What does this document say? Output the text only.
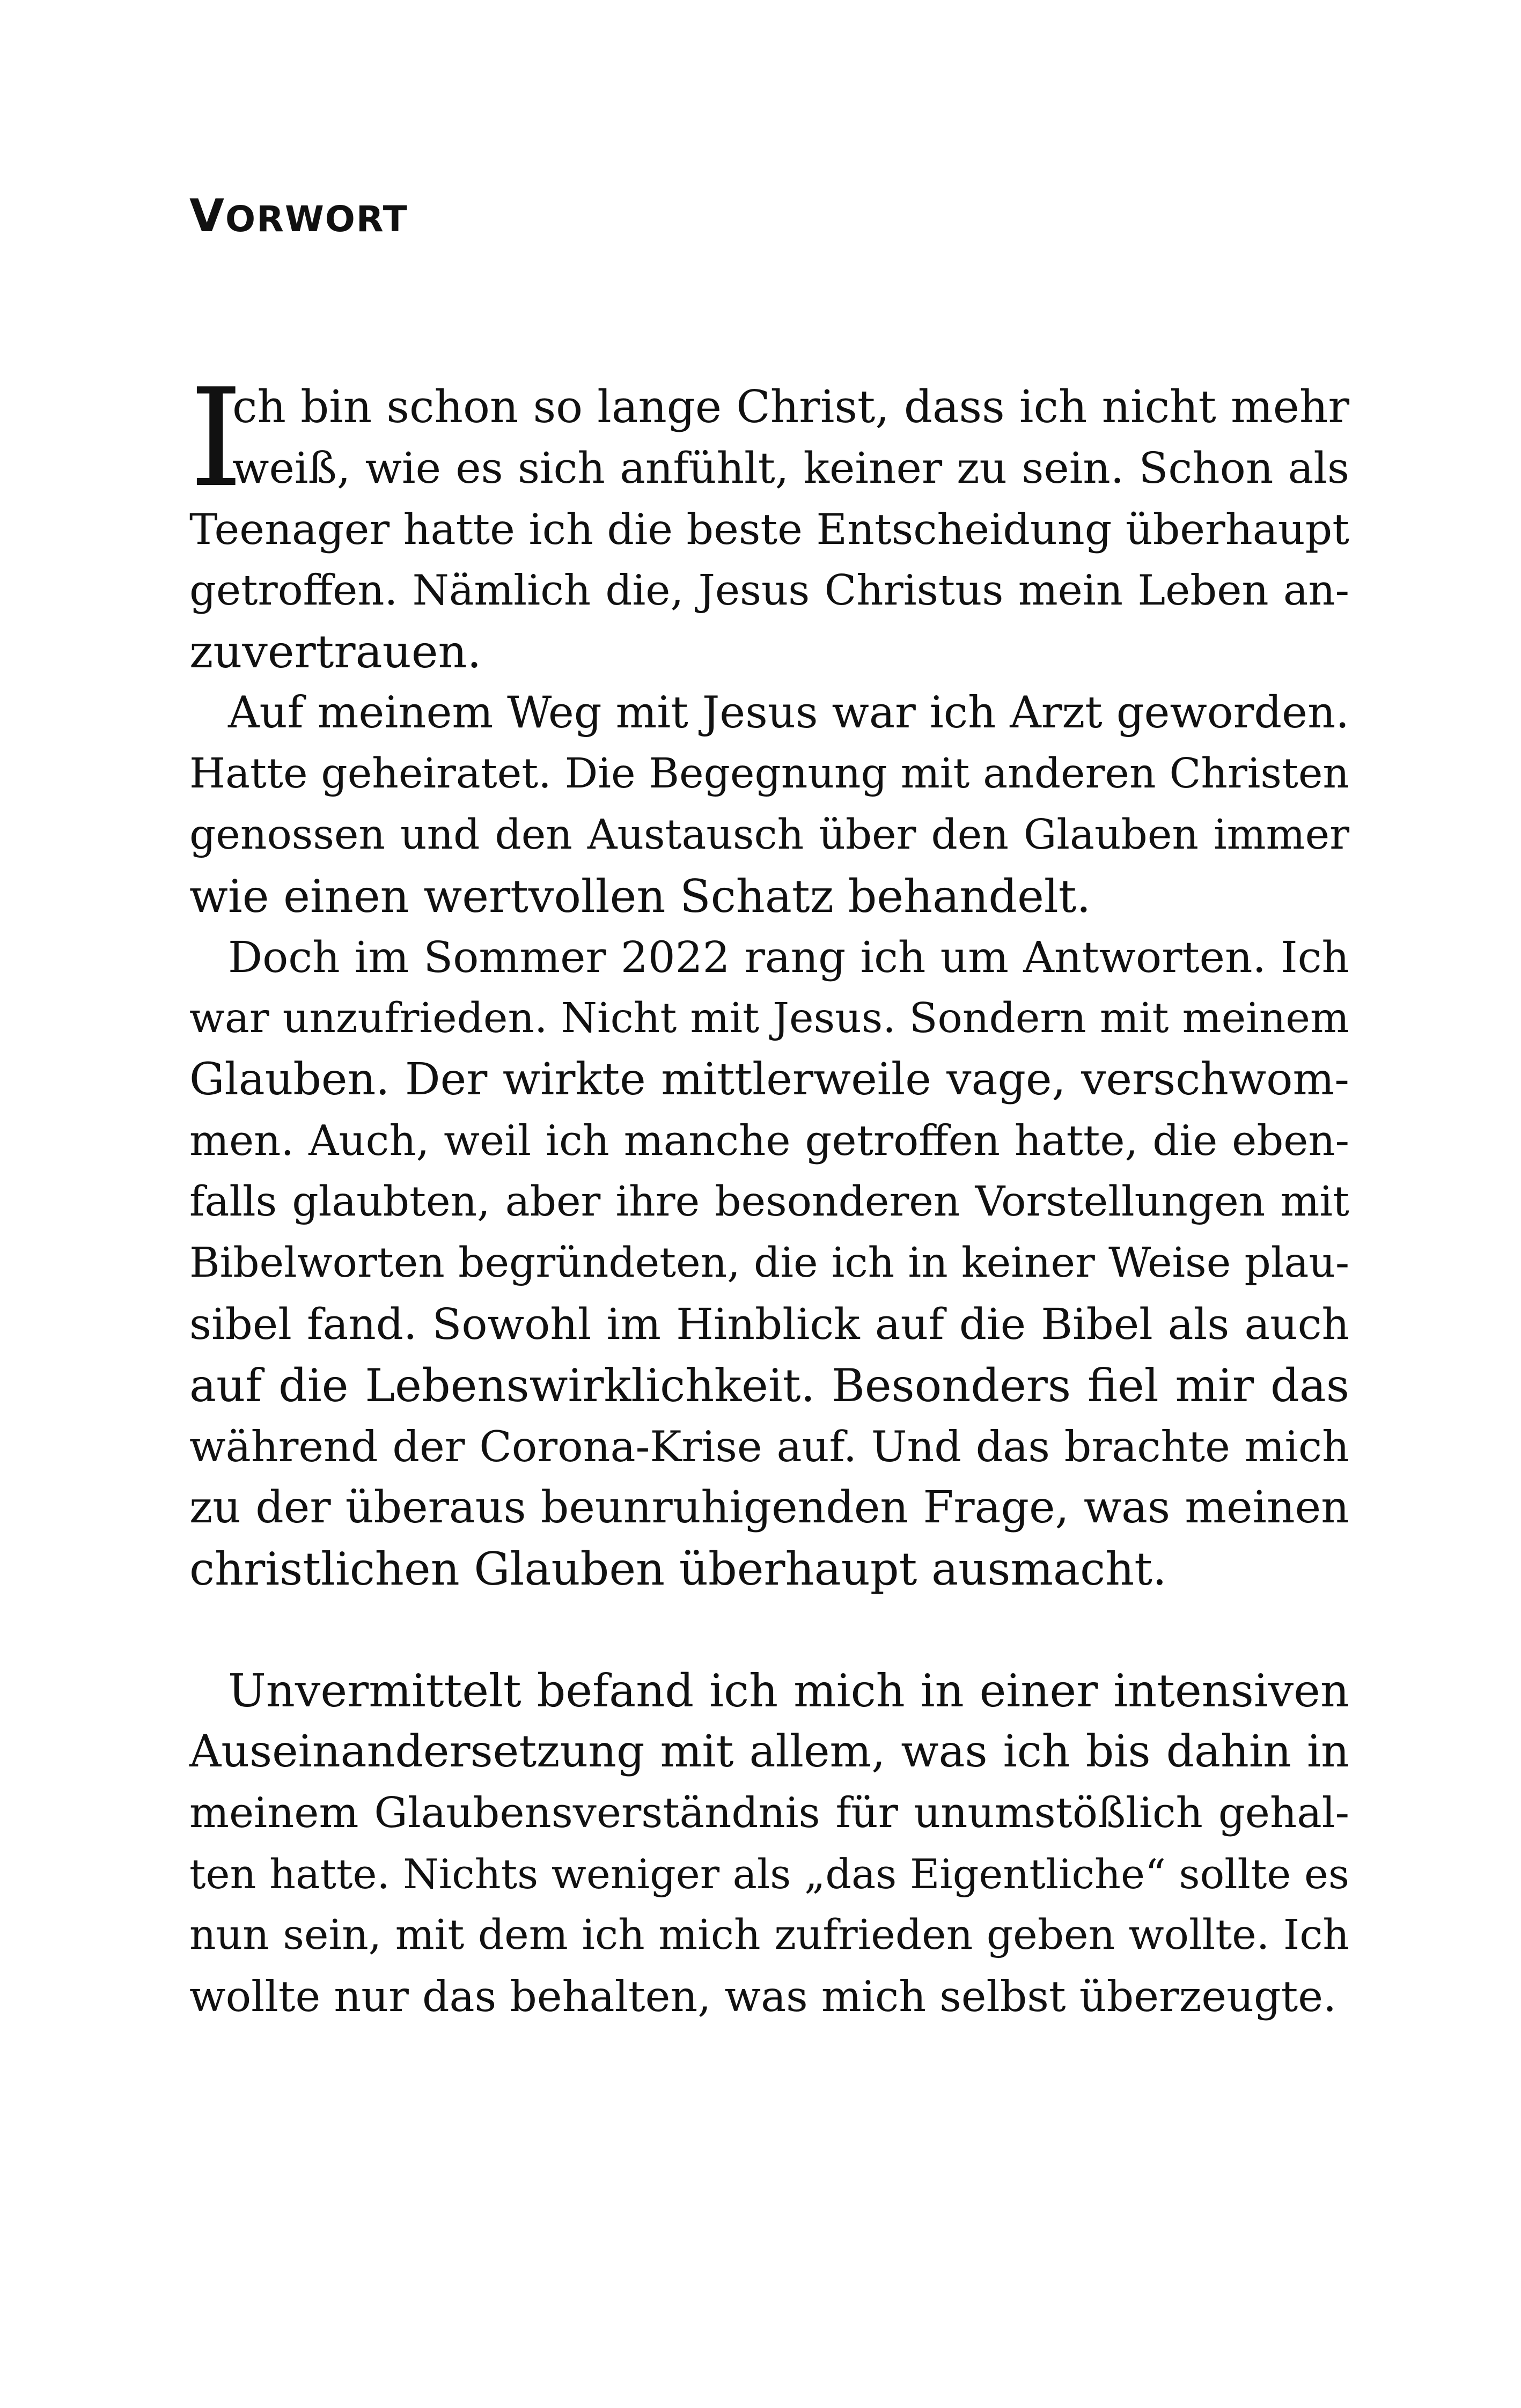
VORWORT
I

ch bin schon so lange Christ, dass ich nicht mehr

weiß, wie es sich anfühlt, keiner zu sein. Schon als

Teenager hatte ich die beste Entscheidung überhaupt

getroffen. Nämlich die, Jesus Christus mein Leben an-

zuvertrauen.

Auf meinem Weg mit Jesus war ich Arzt geworden.

Hatte geheiratet. Die Begegnung mit anderen Christen

genossen und den Austausch über den Glauben immer

wie einen wertvollen Schatz behandelt.

Doch im Sommer 2022 rang ich um Antworten. Ich

war unzufrieden. Nicht mit Jesus. Sondern mit meinem

Glauben. Der wirkte mittlerweile vage, verschwom-

men. Auch, weil ich manche getroffen hatte, die eben-

falls glaubten, aber ihre besonderen Vorstellungen mit

Bibelworten begründeten, die ich in keiner Weise plau-

sibel fand. Sowohl im Hinblick auf die Bibel als auch

auf die Lebenswirklichkeit. Besonders fiel mir das

während der Corona-Krise auf. Und das brachte mich

zu der überaus beunruhigenden Frage, was meinen

christlichen Glauben überhaupt ausmacht.

Unvermittelt befand ich mich in einer intensiven

Auseinandersetzung mit allem, was ich bis dahin in

meinem Glaubensverständnis für unumstößlich gehal-

ten hatte. Nichts weniger als „das Eigentliche“ sollte es

nun sein, mit dem ich mich zufrieden geben wollte. Ich

wollte nur das behalten, was mich selbst überzeugte.
